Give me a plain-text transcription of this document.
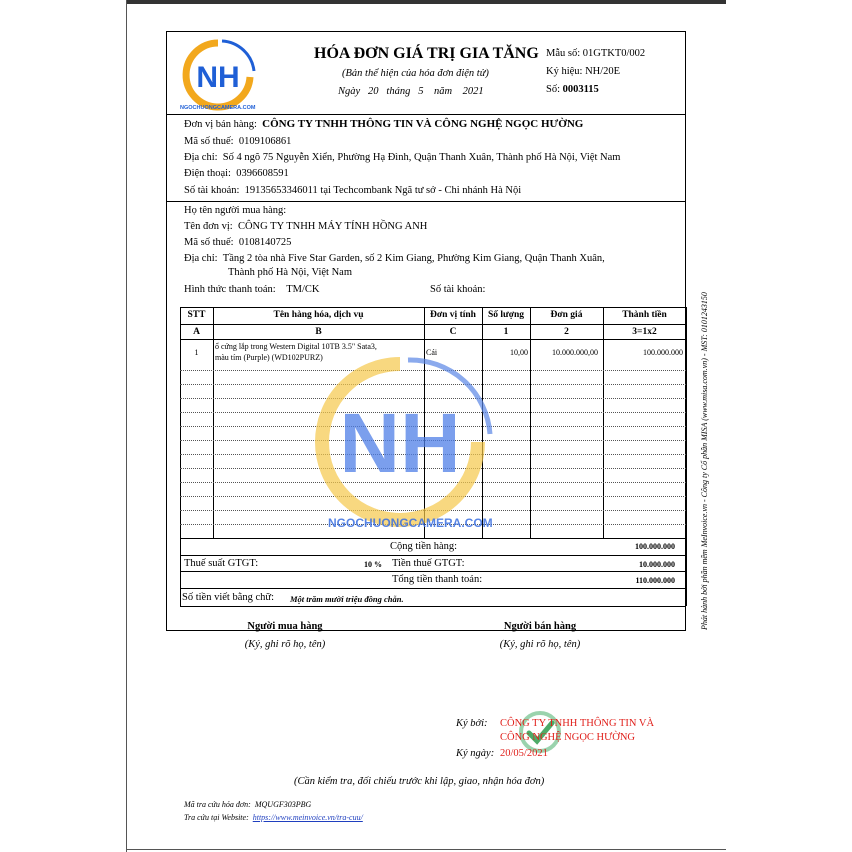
NH
NGOCHUONGCAMERA.COM
HÓA ĐƠN GIÁ TRỊ GIA TĂNG
(Bản thể hiện của hóa đơn điện tử)
Ngày 20 tháng 5 năm 2021
Mẫu số: 01GTKT0/002
Ký hiệu: NH/20E
Số: 0003115
Đơn vị bán hàng: CÔNG TY TNHH THÔNG TIN VÀ CÔNG NGHỆ NGỌC HƯỜNG
Mã số thuế: 0109106861
Địa chỉ: Số 4 ngõ 75 Nguyễn Xiển, Phường Hạ Đình, Quận Thanh Xuân, Thành phố Hà Nội, Việt Nam
Điện thoại: 0396608591
Số tài khoản: 19135653346011 tại Techcombank Ngã tư sở - Chi nhánh Hà Nội
Họ tên người mua hàng:
Tên đơn vị: CÔNG TY TNHH MÁY TÍNH HỒNG ANH
Mã số thuế: 0108140725
Địa chỉ: Tầng 2 tòa nhà Five Star Garden, số 2 Kim Giang, Phường Kim Giang, Quận Thanh Xuân,
Thành phố Hà Nội, Việt Nam
Hình thức thanh toán: TM/CK	Số tài khoản:
STT	Tên hàng hóa, dịch vụ	Đơn vị tính	Số lượng	Đơn giá	Thành tiền
A	B	C	1	2	3=1x2
1
ổ cứng lắp trong Western Digital 10TB 3.5" Sata3,
màu tím (Purple) (WD102PURZ)
Cái	10,00	10.000.000,00	100.000.000
NH
NGOCHUONGCAMERA.COM
Cộng tiền hàng:	100.000.000
Thuế suất GTGT:	10 % Tiền thuế GTGT:	10.000.000
Tổng tiền thanh toán:	110.000.000
Số tiền viết bằng chữ: Một trăm mười triệu đồng chẵn.
Người mua hàng
(Ký, ghi rõ họ, tên)
Người bán hàng
(Ký, ghi rõ họ, tên)
Ký bởi: CÔNG TY TNHH THÔNG TIN VÀ
CÔNG NGHỆ NGỌC HƯỜNG
Ký ngày: 20/05/2021
(Cần kiểm tra, đối chiếu trước khi lập, giao, nhận hóa đơn)
Mã tra cứu hóa đơn: MQUGF303PBG
Tra cứu tại Website: https://www.meinvoice.vn/tra-cuu/
Phát hành bởi phần mềm MeInvoice.vn - Công ty Cổ phần MISA (www.misa.com.vn) - MST: 0101243150
